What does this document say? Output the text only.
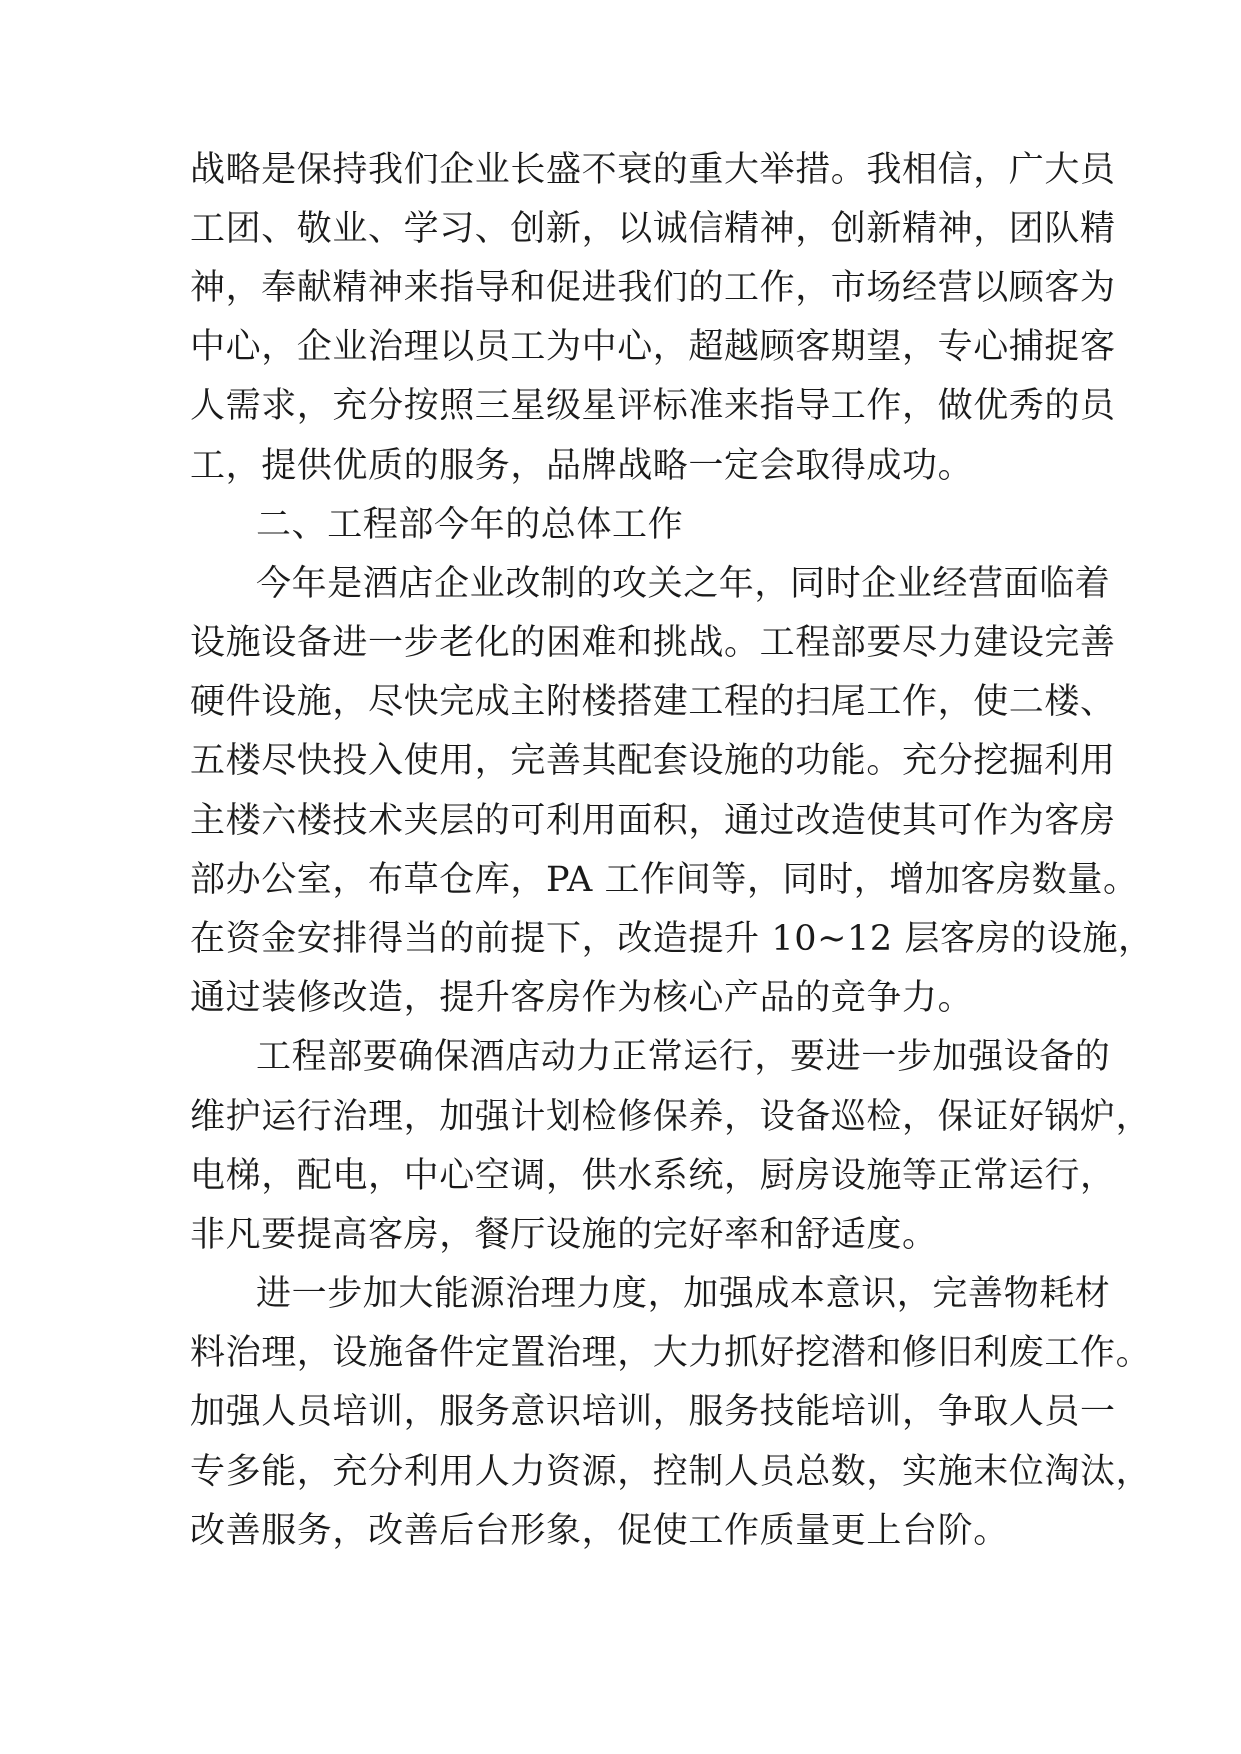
战略是保持我们企业长盛不衰的重大举措。我相信，广大员
工团、敬业、学习、创新，以诚信精神，创新精神，团队精
神，奉献精神来指导和促进我们的工作，市场经营以顾客为
中心，企业治理以员工为中心，超越顾客期望，专心捕捉客
人需求，充分按照三星级星评标准来指导工作，做优秀的员
工，提供优质的服务，品牌战略一定会取得成功。
二、工程部今年的总体工作
今年是酒店企业改制的攻关之年，同时企业经营面临着
设施设备进一步老化的困难和挑战。工程部要尽力建设完善
硬件设施，尽快完成主附楼搭建工程的扫尾工作，使二楼、
五楼尽快投入使用，完善其配套设施的功能。充分挖掘利用
主楼六楼技术夹层的可利用面积，通过改造使其可作为客房
部办公室，布草仓库，PA 工作间等，同时，增加客房数量。
在资金安排得当的前提下，改造提升 10~12 层客房的设施，
通过装修改造，提升客房作为核心产品的竞争力。
工程部要确保酒店动力正常运行，要进一步加强设备的
维护运行治理，加强计划检修保养，设备巡检，保证好锅炉，
电梯，配电，中心空调，供水系统，厨房设施等正常运行，
非凡要提高客房，餐厅设施的完好率和舒适度。
进一步加大能源治理力度，加强成本意识，完善物耗材
料治理，设施备件定置治理，大力抓好挖潜和修旧利废工作。
加强人员培训，服务意识培训，服务技能培训，争取人员一
专多能，充分利用人力资源，控制人员总数，实施末位淘汰，
改善服务，改善后台形象，促使工作质量更上台阶。
